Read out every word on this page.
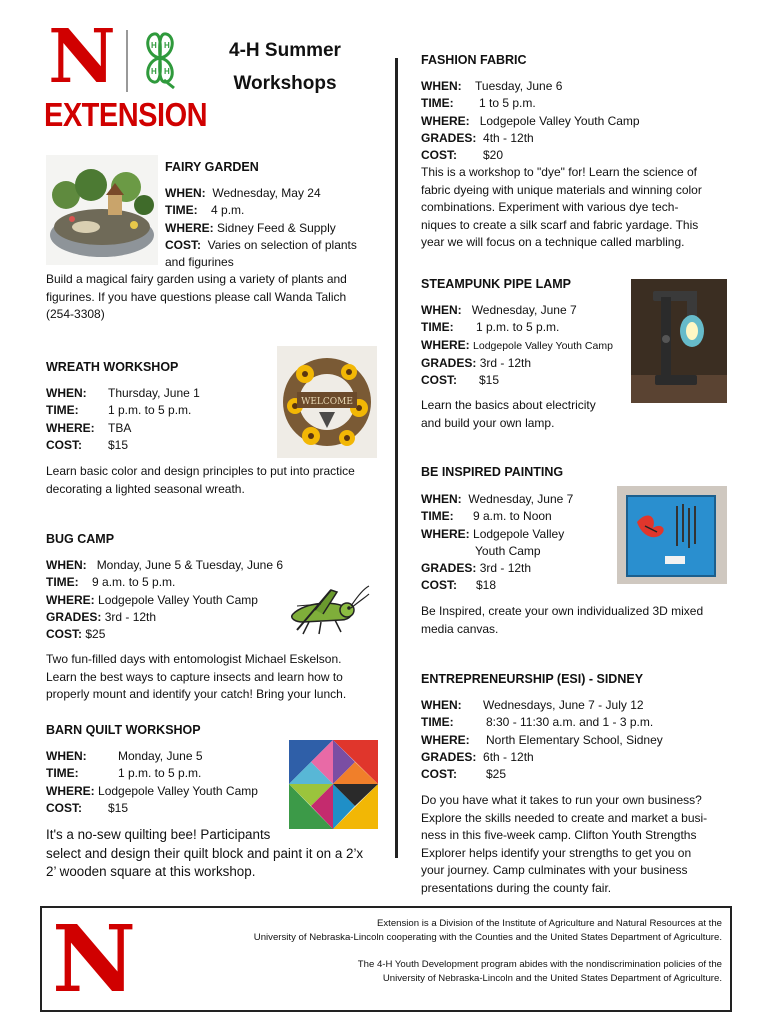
N	H H
H H
EXTENSION
4-H Summer
Workshops
FAIRY GARDEN
WHEN: Wednesday, May 24
TIME: 4 p.m.
WHERE: Sidney Feed & Supply
COST: Varies on selection of plants
and figurines
Build a magical fairy garden using a variety of plants and
figurines. If you have questions please call Wanda Talich
(254-3308)
WREATH WORKSHOP
WHEN: Thursday, June 1
TIME: 1 p.m. to 5 p.m.
WHERE: TBA
COST: $15
WELCOME
Learn basic color and design principles to put into practice
decorating a lighted seasonal wreath.
BUG CAMP
WHEN: Monday, June 5 & Tuesday, June 6
TIME: 9 a.m. to 5 p.m.
WHERE: Lodgepole Valley Youth Camp
GRADES: 3rd - 12th
COST: $25
Two fun-filled days with entomologist Michael Eskelson.
Learn the best ways to capture insects and learn how to
properly mount and identify your catch! Bring your lunch.
BARN QUILT WORKSHOP
WHEN:	Monday, June 5
TIME:	1 p.m. to 5 p.m.
WHERE: Lodgepole Valley Youth Camp
COST: $15
It's a no-sew quilting bee! Participants
select and design their quilt block and paint it on a 2’x
2’ wooden square at this workshop.
FASHION FABRIC
WHEN: Tuesday, June 6
TIME: 1 to 5 p.m.
WHERE: Lodgepole Valley Youth Camp
GRADES: 4th - 12th
COST: $20
This is a workshop to "dye" for! Learn the science of
fabric dyeing with unique materials and winning color
combinations. Experiment with various dye tech-
niques to create a silk scarf and fabric yardage. This
year we will focus on a technique called marbling.
STEAMPUNK PIPE LAMP
WHEN: Wednesday, June 7
TIME: 1 p.m. to 5 p.m.
WHERE: Lodgepole Valley Youth Camp
GRADES: 3rd - 12th
COST: $15
Learn the basics about electricity
and build your own lamp.
BE INSPIRED PAINTING
WHEN: Wednesday, June 7
TIME: 9 a.m. to Noon
WHERE: Lodgepole Valley
Youth Camp
GRADES: 3rd - 12th
COST: $18
Be Inspired, create your own individualized 3D mixed
media canvas.
ENTREPRENEURSHIP (ESI) - SIDNEY
WHEN: Wednesdays, June 7 - July 12
TIME:	8:30 - 11:30 a.m. and 1 - 3 p.m.
WHERE: North Elementary School, Sidney
GRADES: 6th - 12th
COST: $25
Do you have what it takes to run your own business?
Explore the skills needed to create and market a busi-
ness in this five-week camp. Clifton Youth Strengths
Explorer helps identify your strengths to get you on
your journey. Camp culminates with your business
presentations during the county fair.
N	Extension is a Division of the Institute of Agriculture and Natural Resources at the
University of Nebraska-Lincoln cooperating with the Counties and the United States Department of Agriculture.
The 4-H Youth Development program abides with the nondiscrimination policies of the
University of Nebraska-Lincoln and the United States Department of Agriculture.
